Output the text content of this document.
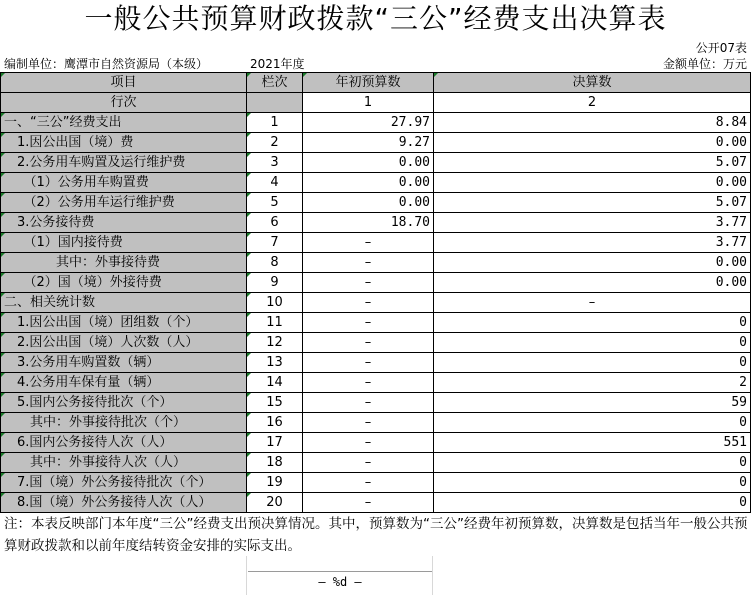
一般公共预算财政拨款“三公”经费支出决算表
公开07表
编制单位：鹰潭市自然资源局（本级）	2021年度	金额单位：万元
项目	栏次	年初预算数	决算数
行次		1	2
一、“三公”经费支出	1	27.97	8.84
　1.因公出国（境）费	2	9.27	0.00
　2.公务用车购置及运行维护费	3	0.00	5.07
　　（1）公务用车购置费	4	0.00	0.00
　　（2）公务用车运行维护费	5	0.00	5.07
　3.公务接待费	6	18.70	3.77
　　（1）国内接待费	7	–	3.77
　　　　其中：外事接待费	8	–	0.00
　　（2）国（境）外接待费	9	–	0.00
二、相关统计数	10	–	–
　1.因公出国（境）团组数（个）	11	–	0
　2.因公出国（境）人次数（人）	12	–	0
　3.公务用车购置数（辆）	13	–	0
　4.公务用车保有量（辆）	14	–	2
　5.国内公务接待批次（个）	15	–	59
　　其中：外事接待批次（个）	16	–	0
　6.国内公务接待人次（人）	17	–	551
　　其中：外事接待人次（人）	18	–	0
　7.国（境）外公务接待批次（个）	19	–	0
　8.国（境）外公务接待人次（人）	20	–	0
注：本表反映部门本年度“三公”经费支出预决算情况。其中，预算数为“三公”经费年初预算数，决算数是包括当年一般公共预算财政拨款和以前年度结转资金安排的实际支出。
— %d —
